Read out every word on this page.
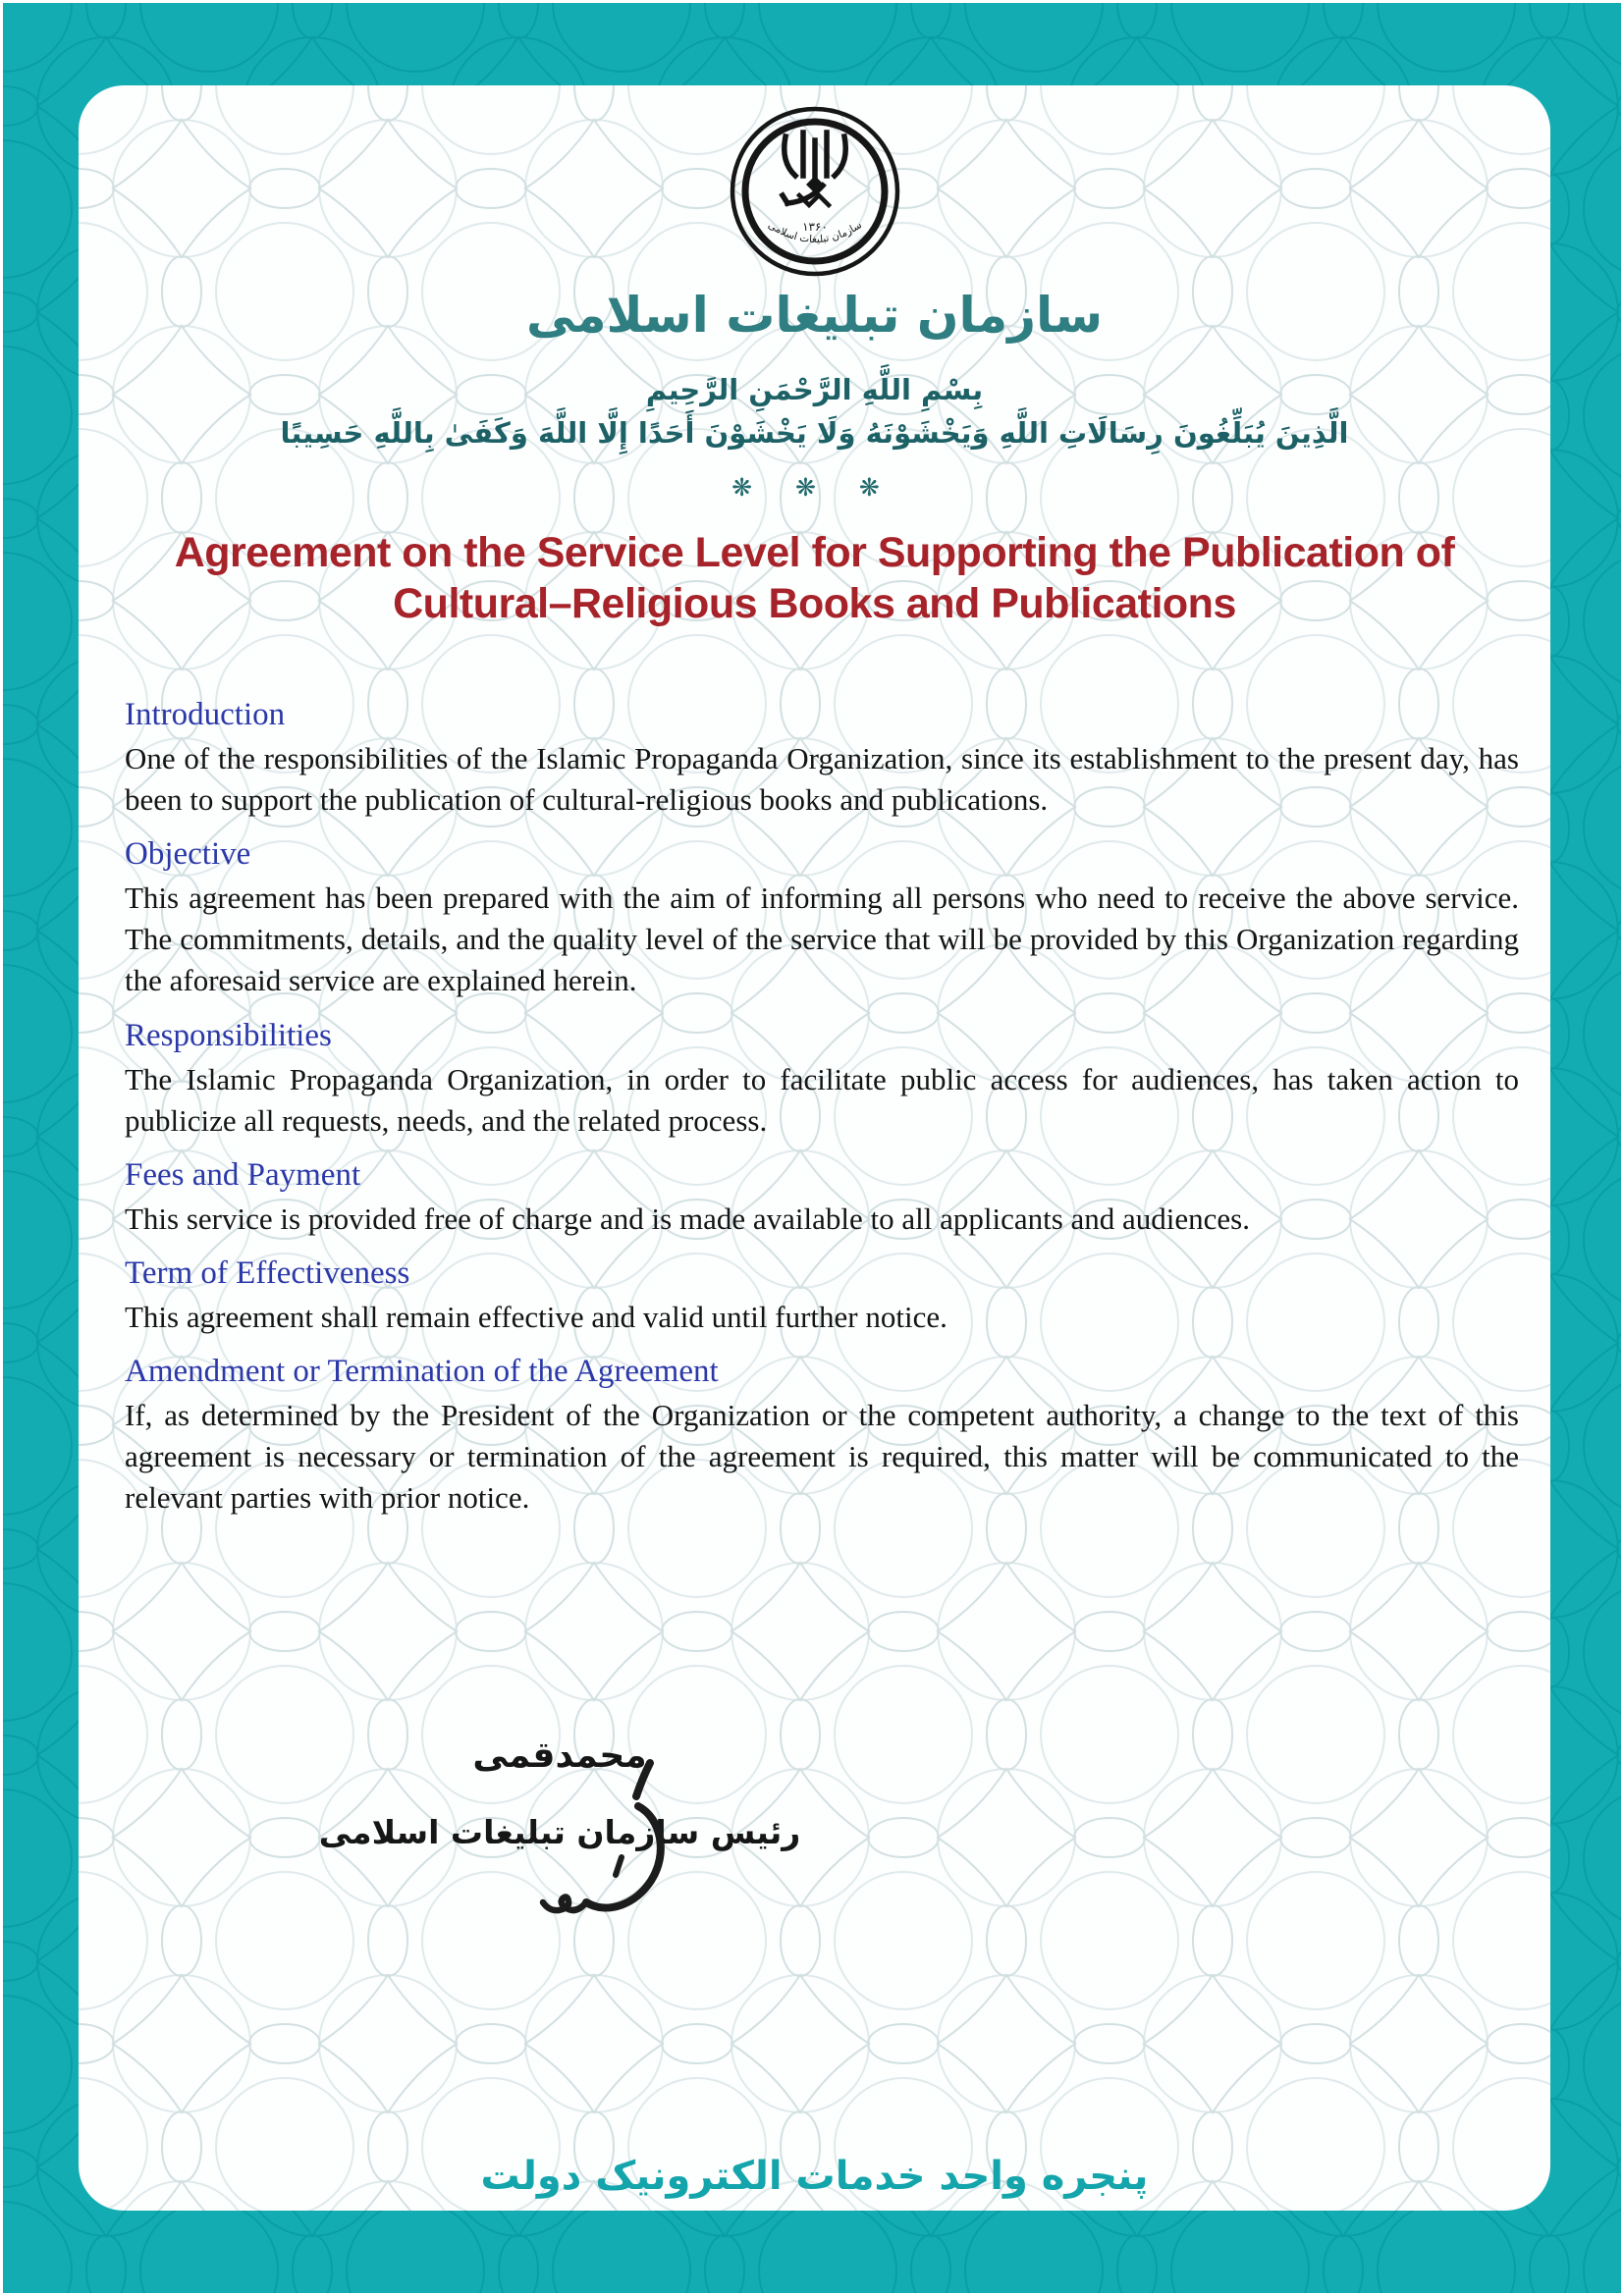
۱۳۶۰
سازمان تبلیغات اسلامی
سازمان تبلیغات اسلامی
بِسْمِ اللَّهِ الرَّحْمَنِ الرَّحِيمِ
الَّذِينَ يُبَلِّغُونَ رِسَالَاتِ اللَّهِ وَيَخْشَوْنَهُ وَلَا يَخْشَوْنَ أَحَدًا إِلَّا اللَّهَ وَكَفَىٰ بِاللَّهِ حَسِيبًا
❋ ❋ ❋
Agreement on the Service Level for Supporting the Publication of
Cultural–Religious Books and Publications
Introduction

One of the responsibilities of the Islamic Propaganda Organization, since its establishment to the present day, has been to support the publication of cultural-religious books and publications.

Objective

This agreement has been prepared with the aim of informing all persons who need to receive the above service. The commitments, details, and the quality level of the service that will be provided by this Organization regarding the aforesaid service are explained herein.

Responsibilities

The Islamic Propaganda Organization, in order to facilitate public access for audiences, has taken action to publicize all requests, needs, and the related process.

Fees and Payment

This service is provided free of charge and is made available to all applicants and audiences.

Term of Effectiveness

This agreement shall remain effective and valid until further notice.

Amendment or Termination of the Agreement

If, as determined by the President of the Organization or the competent authority, a change to the text of this agreement is necessary or termination of the agreement is required, this matter will be communicated to the relevant parties with prior notice.

محمدقمی
رئیس سازمان تبلیغات اسلامی
پنجره واحد خدمات الکترونیک دولت
